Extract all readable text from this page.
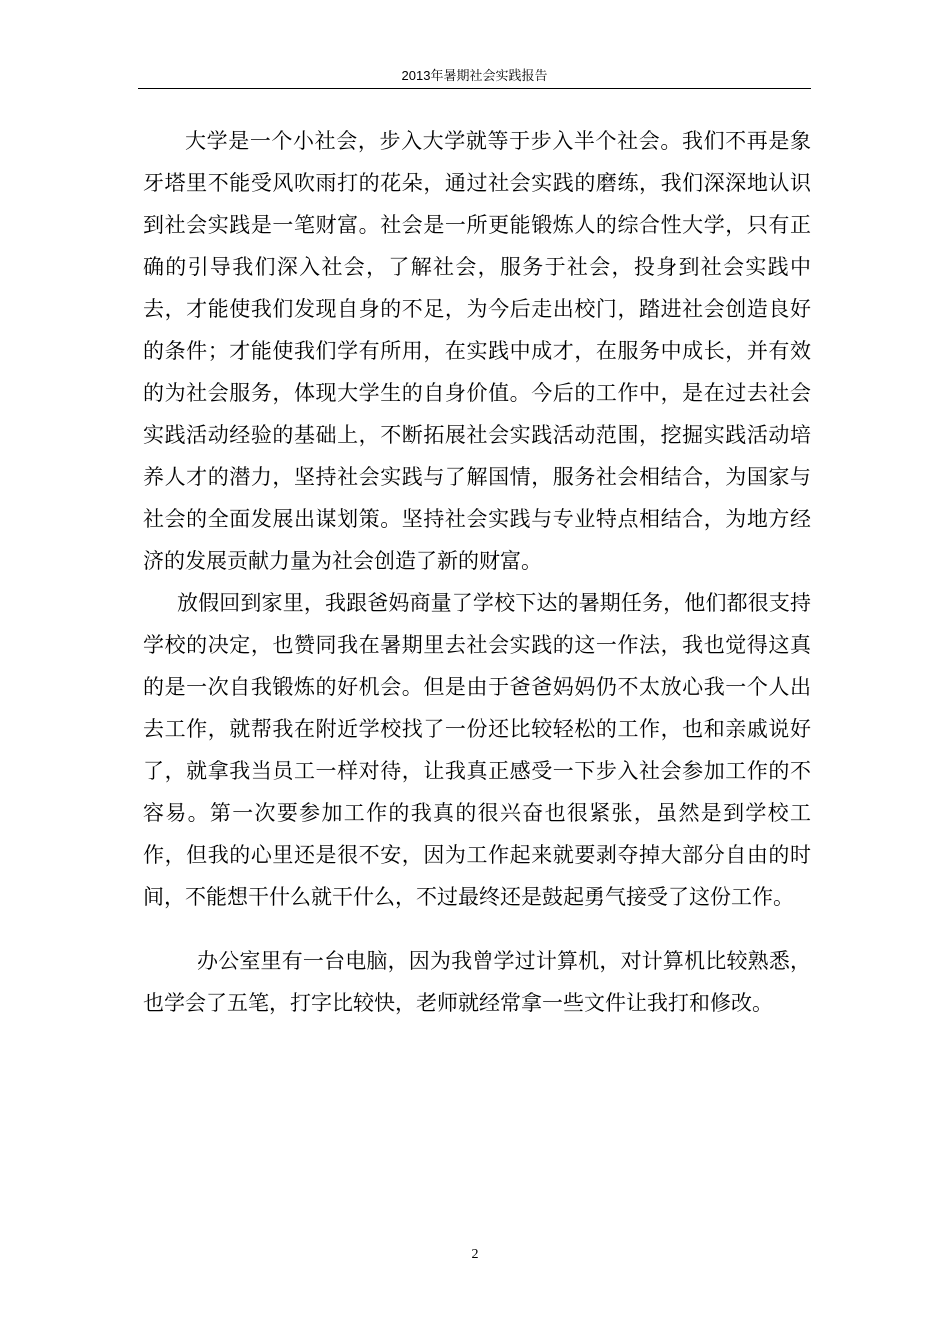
2013年暑期社会实践报告

大学是一个小社会，步入大学就等于步入半个社会。我们不再是象牙塔里不能受风吹雨打的花朵，通过社会实践的磨练，我们深深地认识到社会实践是一笔财富。社会是一所更能锻炼人的综合性大学，只有正确的引导我们深入社会，了解社会，服务于社会，投身到社会实践中去，才能使我们发现自身的不足，为今后走出校门，踏进社会创造良好的条件；才能使我们学有所用，在实践中成才，在服务中成长，并有效的为社会服务，体现大学生的自身价值。今后的工作中，是在过去社会实践活动经验的基础上，不断拓展社会实践活动范围，挖掘实践活动培养人才的潜力，坚持社会实践与了解国情，服务社会相结合，为国家与社会的全面发展出谋划策。坚持社会实践与专业特点相结合，为地方经济的发展贡献力量为社会创造了新的财富。

放假回到家里，我跟爸妈商量了学校下达的暑期任务，他们都很支持学校的决定，也赞同我在暑期里去社会实践的这一作法，我也觉得这真的是一次自我锻炼的好机会。但是由于爸爸妈妈仍不太放心我一个人出去工作，就帮我在附近学校找了一份还比较轻松的工作，也和亲戚说好了，就拿我当员工一样对待，让我真正感受一下步入社会参加工作的不容易。第一次要参加工作的我真的很兴奋也很紧张，虽然是到学校工作，但我的心里还是很不安，因为工作起来就要剥夺掉大部分自由的时间，不能想干什么就干什么，不过最终还是鼓起勇气接受了这份工作。

办公室里有一台电脑，因为我曾学过计算机，对计算机比较熟悉，也学会了五笔，打字比较快，老师就经常拿一些文件让我打和修改。

2
